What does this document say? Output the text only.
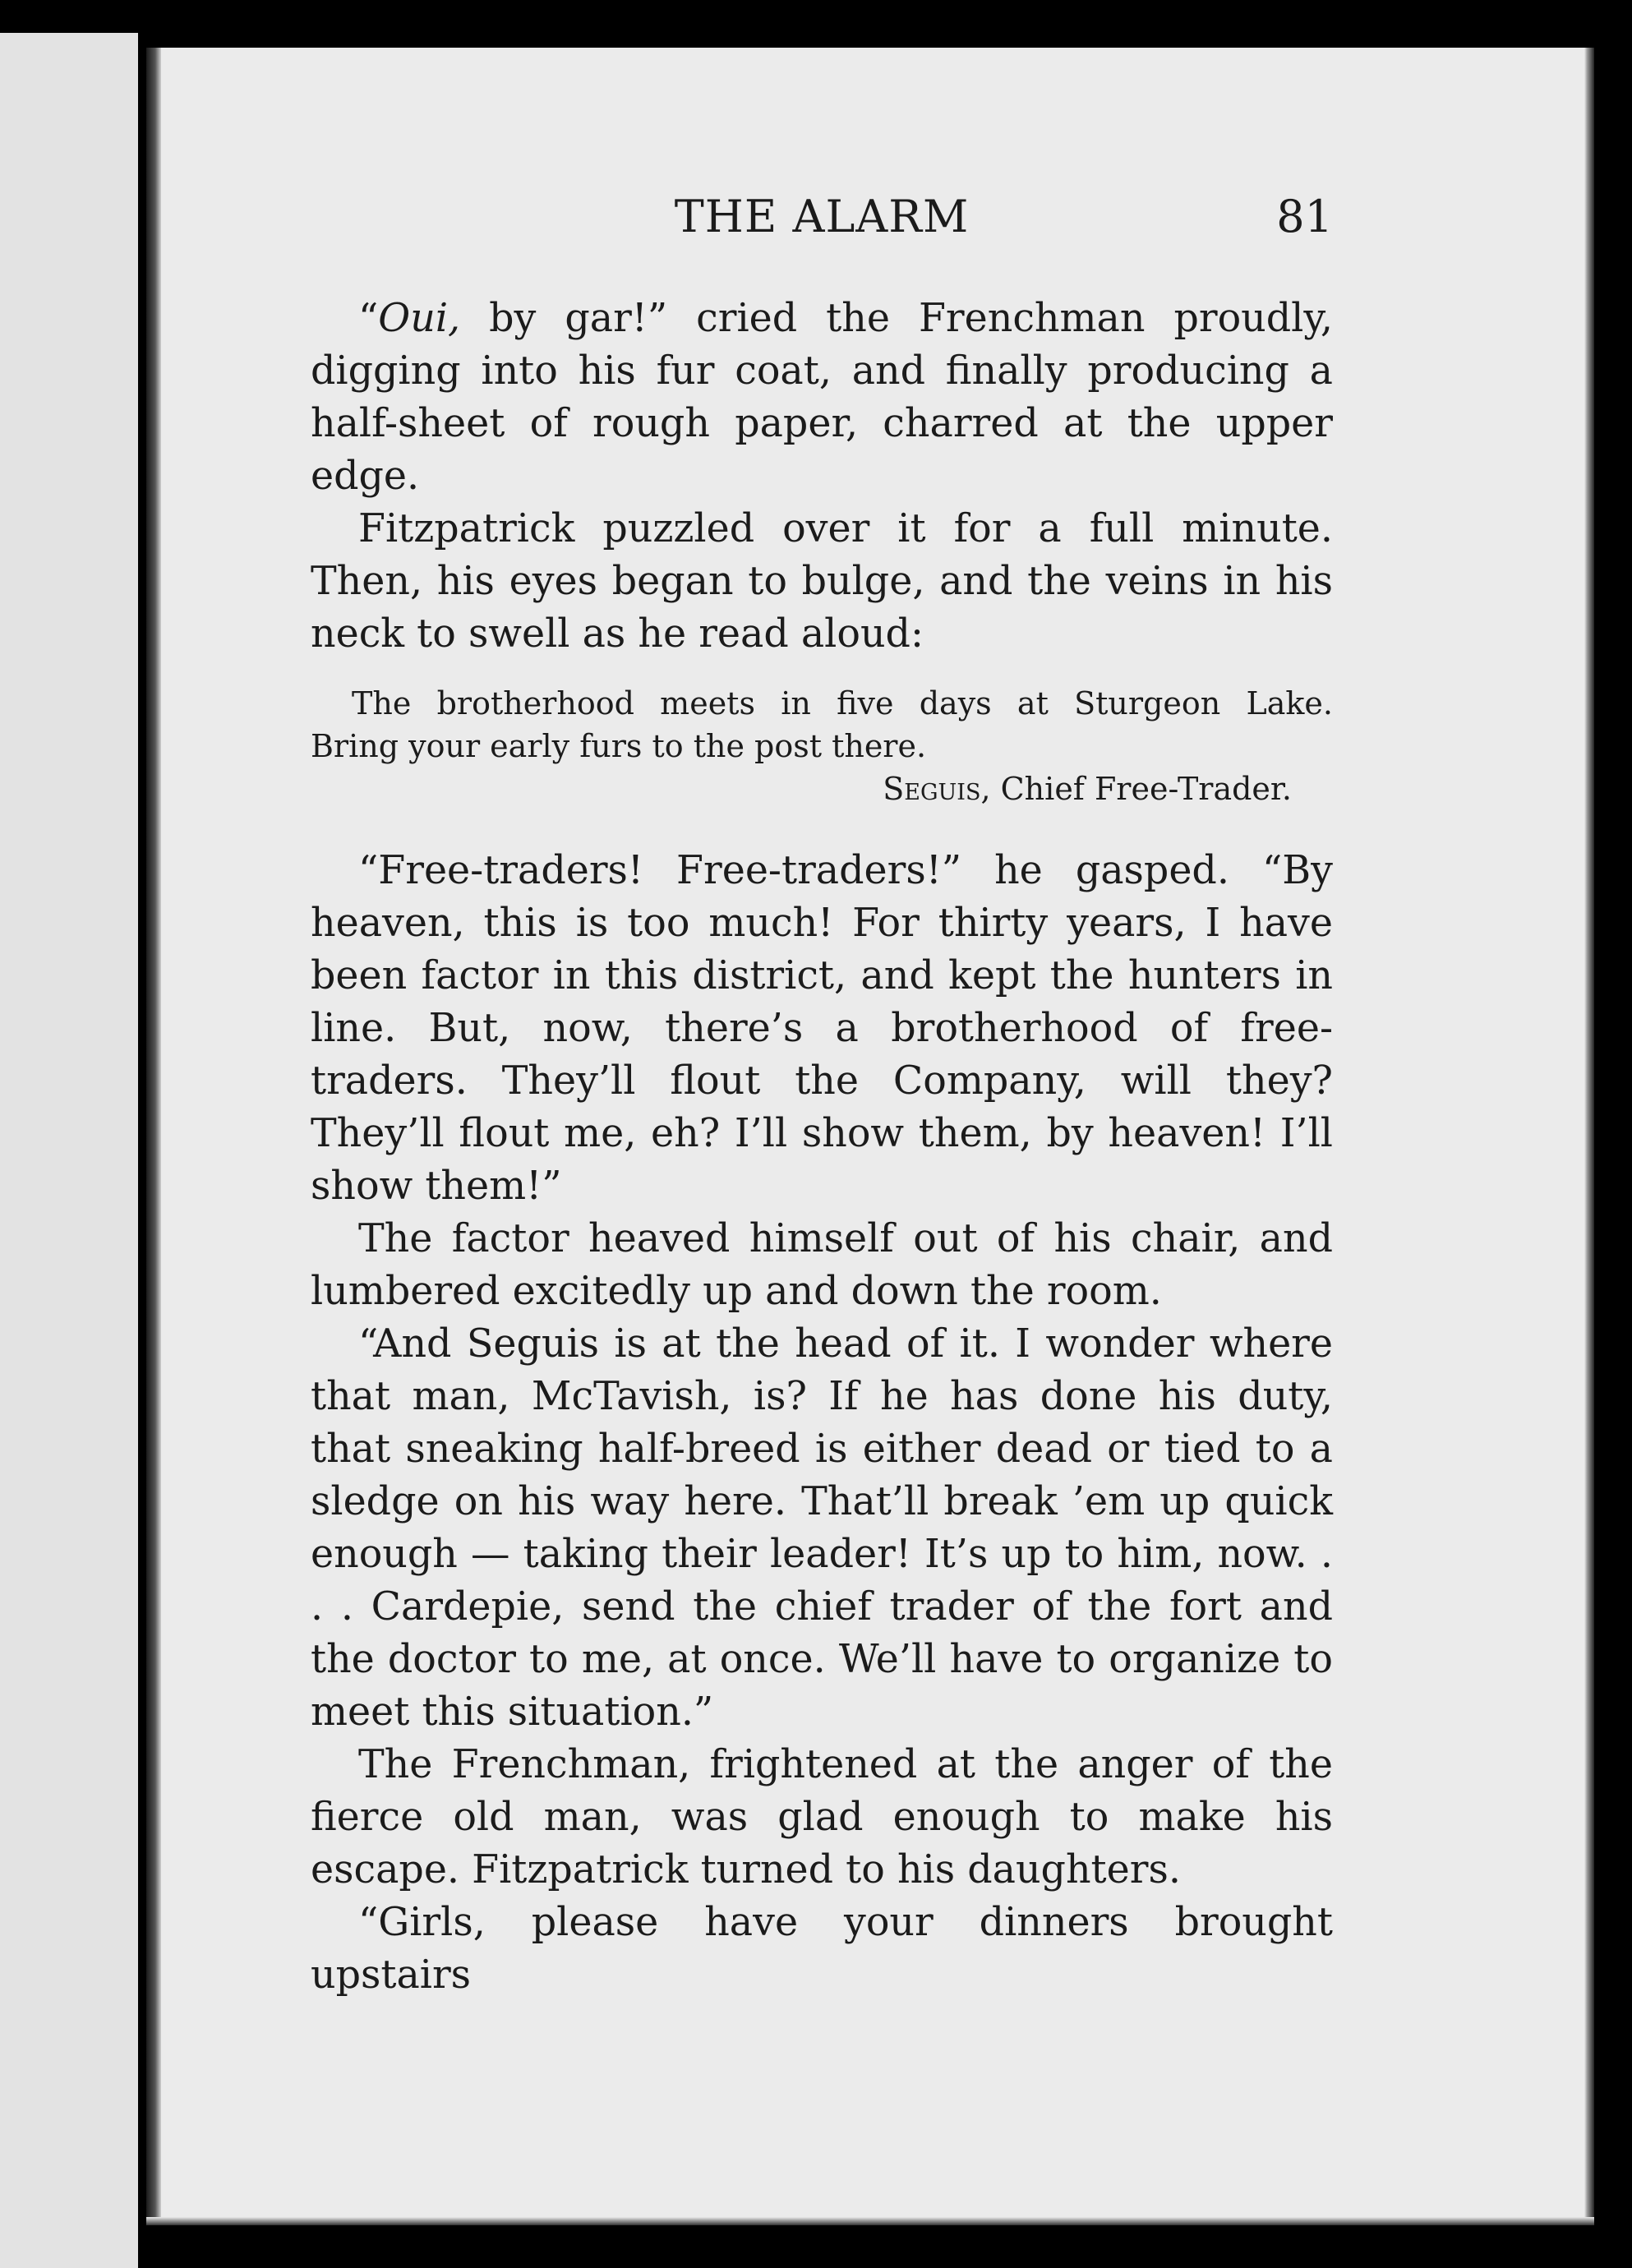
THE ALARM	81

“Oui, by gar!” cried the Frenchman proudly, digging into his fur coat, and finally producing a half-sheet of rough paper, charred at the upper edge.

Fitzpatrick puzzled over it for a full minute. Then, his eyes began to bulge, and the veins in his neck to swell as he read aloud:

The brotherhood meets in five days at Sturgeon Lake.
Bring your early furs to the post there.
Seguis, Chief Free-Trader.

“Free-traders! Free-traders!” he gasped. “By heaven, this is too much! For thirty years, I have been factor in this district, and kept the hunters in line. But, now, there’s a brotherhood of free-traders. They’ll flout the Company, will they? They’ll flout me, eh? I’ll show them, by heaven! I’ll show them!”

The factor heaved himself out of his chair, and lumbered excitedly up and down the room.

“And Seguis is at the head of it. I wonder where that man, McTavish, is? If he has done his duty, that sneaking half-breed is either dead or tied to a sledge on his way here. That’ll break ’em up quick enough — taking their leader! It’s up to him, now. . . . Cardepie, send the chief trader of the fort and the doctor to me, at once. We’ll have to organize to meet this situation.”

The Frenchman, frightened at the anger of the fierce old man, was glad enough to make his escape. Fitzpatrick turned to his daughters.

“Girls, please have your dinners brought upstairs
